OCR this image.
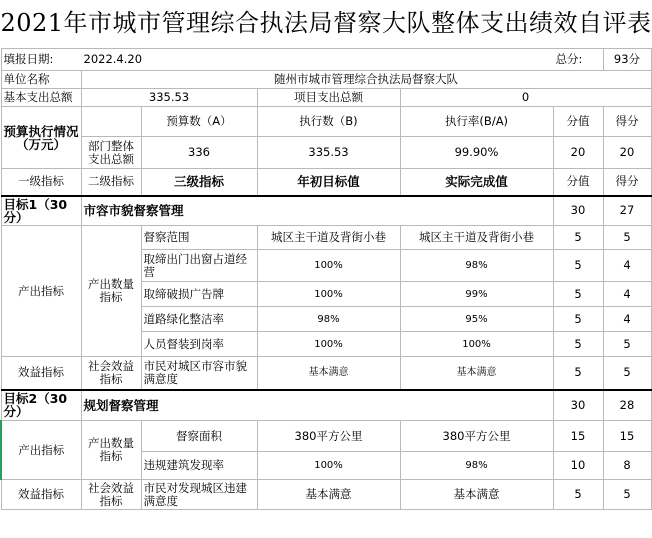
2021年市城市管理综合执法局督察大队整体支出绩效自评表
填报日期:	2022.4.20				总分:	93分
单位名称	随州市城市管理综合执法局督察大队					
基本支出总额	335.53		项目支出总额	0		
预算执行情况（万元）		预算数（A）	执行数（B)	执行率(B/A)	分值	得分
	部门整体支出总额	336	335.53	99.90%	20	20
一级指标	二级指标	三级指标	年初目标值	实际完成值	分值	得分
目标1（30分）	市容市貌督察管理				30	27
产出指标	产出数量指标	督察范围	城区主干道及背街小巷	城区主干道及背街小巷	5	5
		取缔出门出窗占道经营	100%	98%	5	4
		取缔破损广告牌	100%	99%	5	4
		道路绿化整洁率	98%	95%	5	4
		人员督装到岗率	100%	100%	5	5
效益指标	社会效益指标	市民对城区市容市貌满意度	基本满意	基本满意	5	5
目标2（30分）	规划督察管理				30	28
产出指标	产出数量指标	督察面积	380平方公里	380平方公里	15	15
		违规建筑发现率	100%	98%	10	8
效益指标	社会效益指标	市民对发现城区违建满意度	基本满意	基本满意	5	5
